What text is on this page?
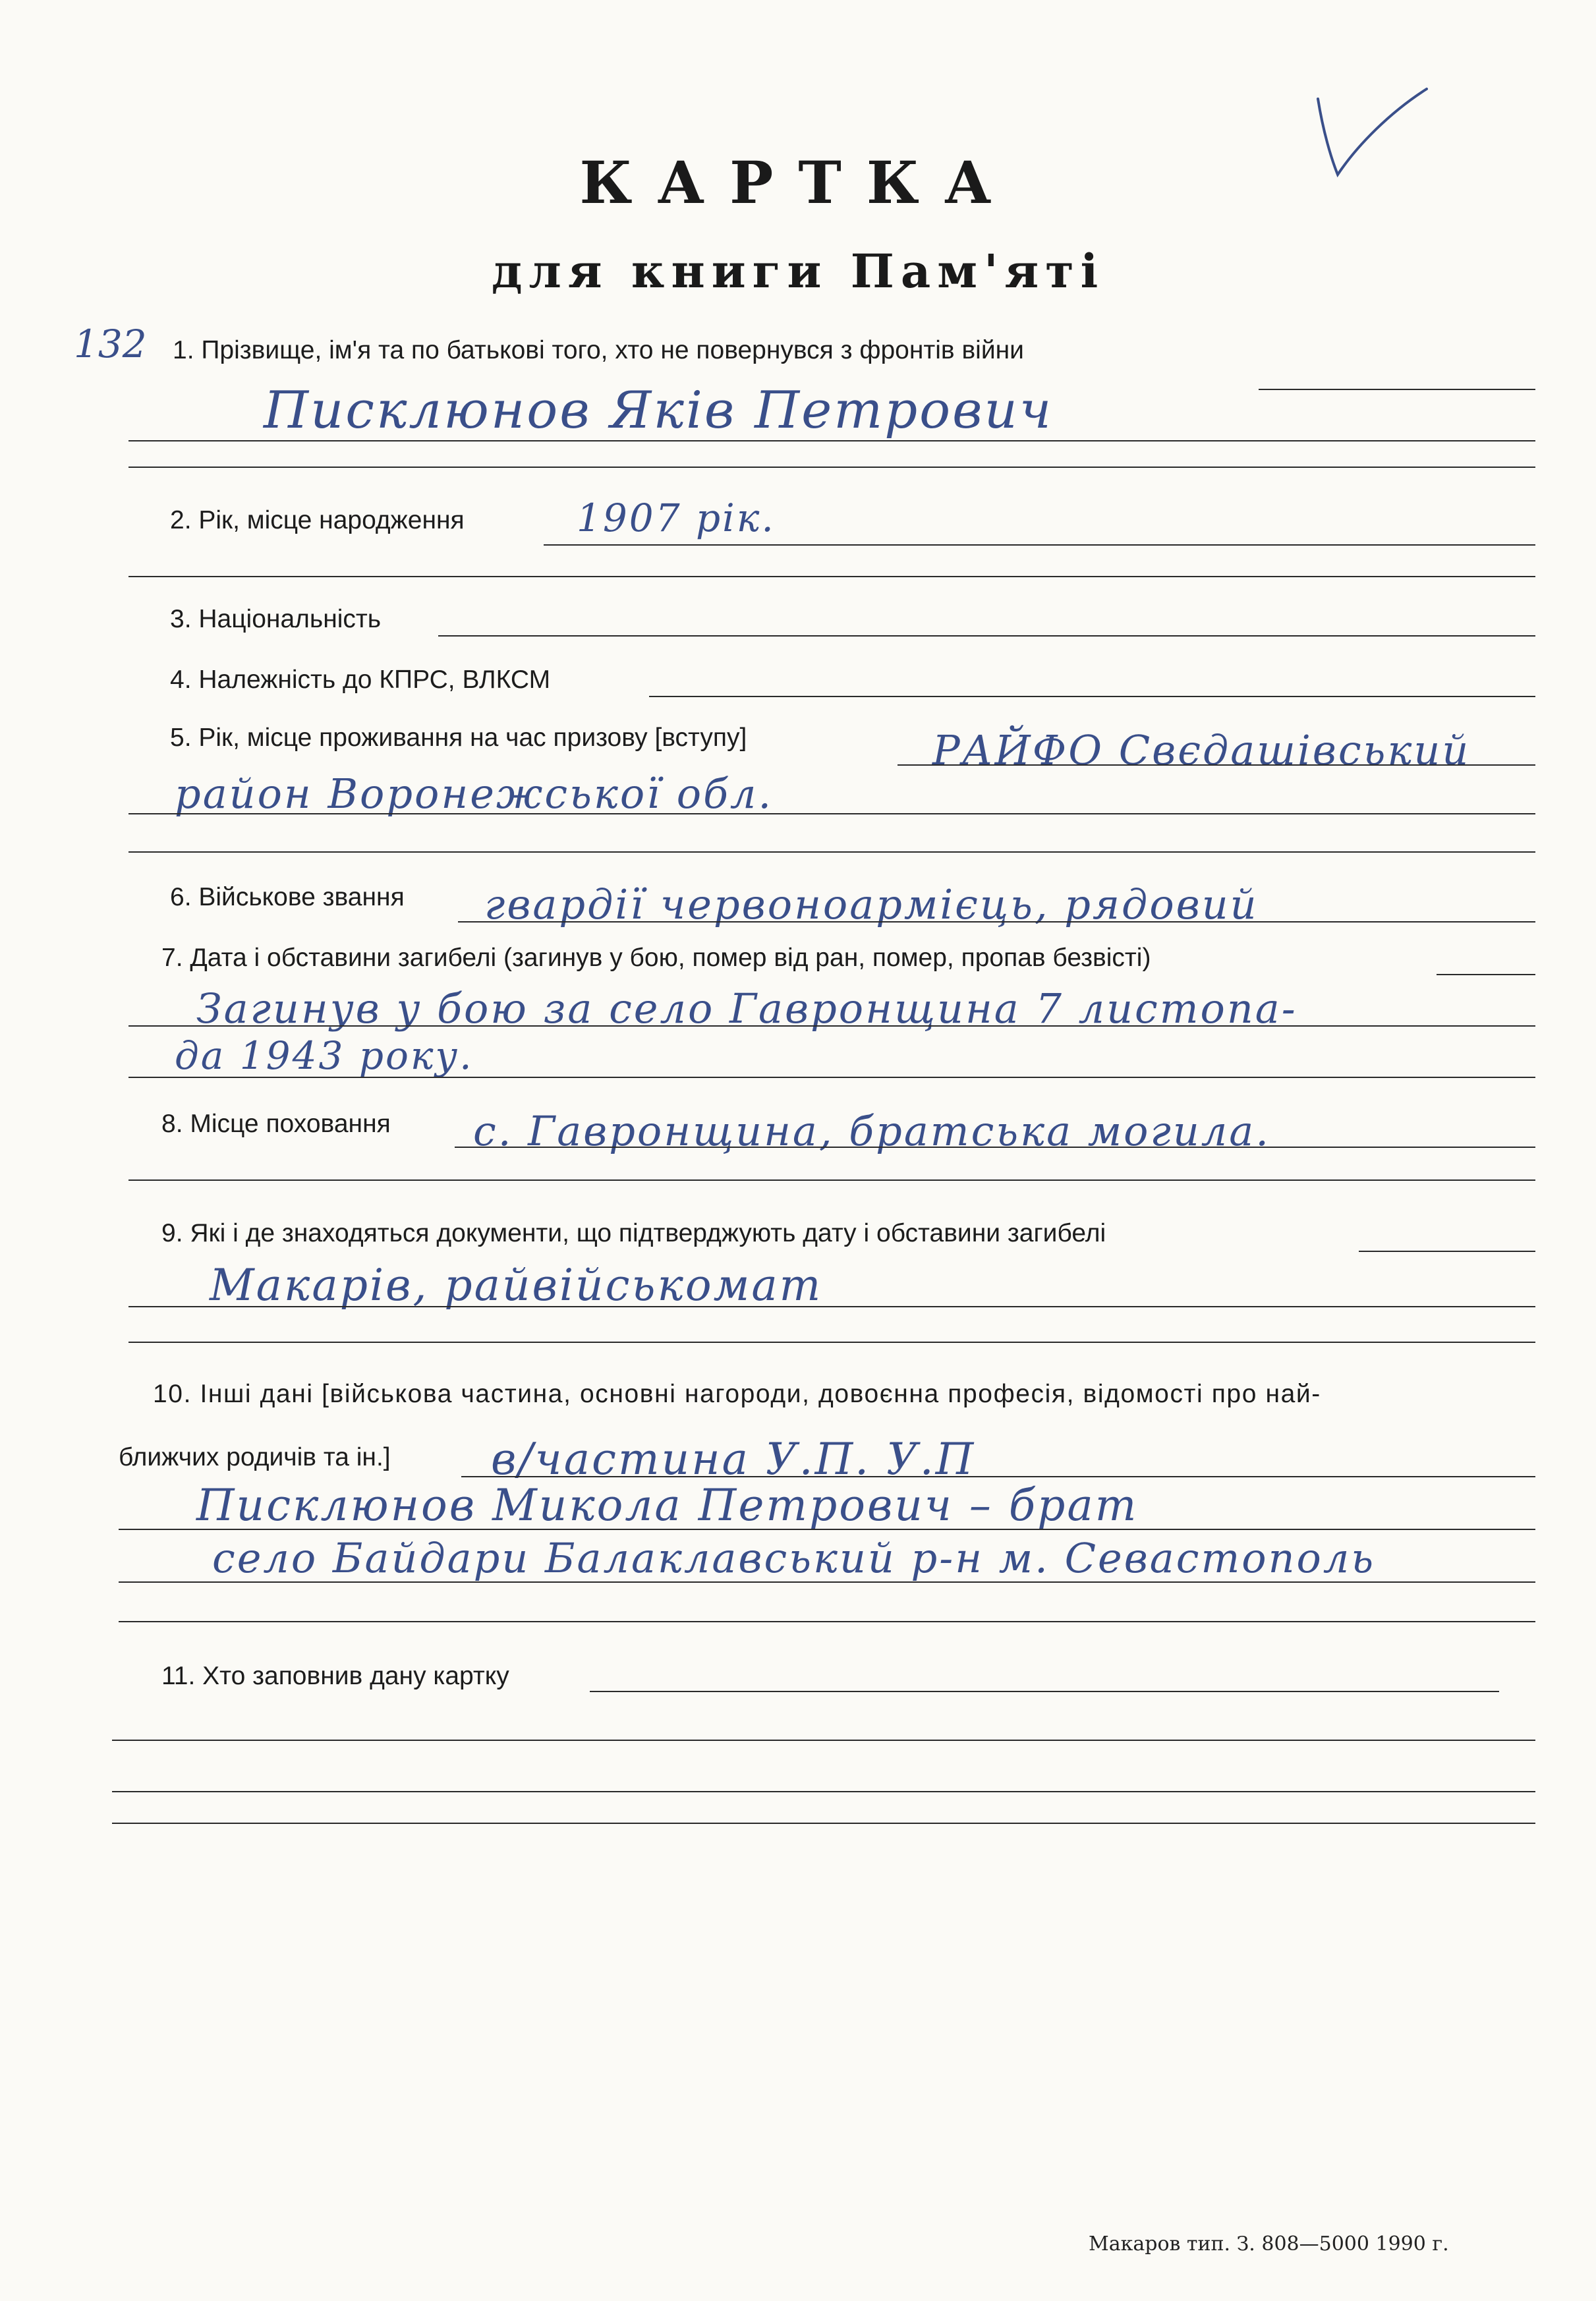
КАРТКА
для книги Пам'яті
132 1. Прізвище, ім'я та по батькові того, хто не повернувся з фронтів війни
Писклюнов Яків Петрович
2. Рік, місце народження	1907 рік.
3. Національність
4. Належність до КПРС, ВЛКСМ
5. Рік, місце проживання на час призову [вступу]	РАЙФО Свєдашівський
район Воронежської обл.
6. Військове звання гвардії червоноармієць, рядовий
7. Дата і обставини загибелі (загинув у бою, помер від ран, помер, пропав безвісті)
Загинув у бою за село Гавронщина 7 листопа-
да 1943 року.
8. Місце поховання с. Гавронщина, братська могила.
9. Які і де знаходяться документи, що підтверджують дату і обставини загибелі
Макарів, райвійськомат
10. Інші дані [військова частина, основні нагороди, довоєнна професія, відомості про най-
ближчих родичів та ін.] в/частина У.П. У.П
Писклюнов Микола Петрович – брат
село Байдари Балаклавський р-н м. Севастополь
11. Хто заповнив дану картку
Макаров тип. З. 808—5000 1990 г.
